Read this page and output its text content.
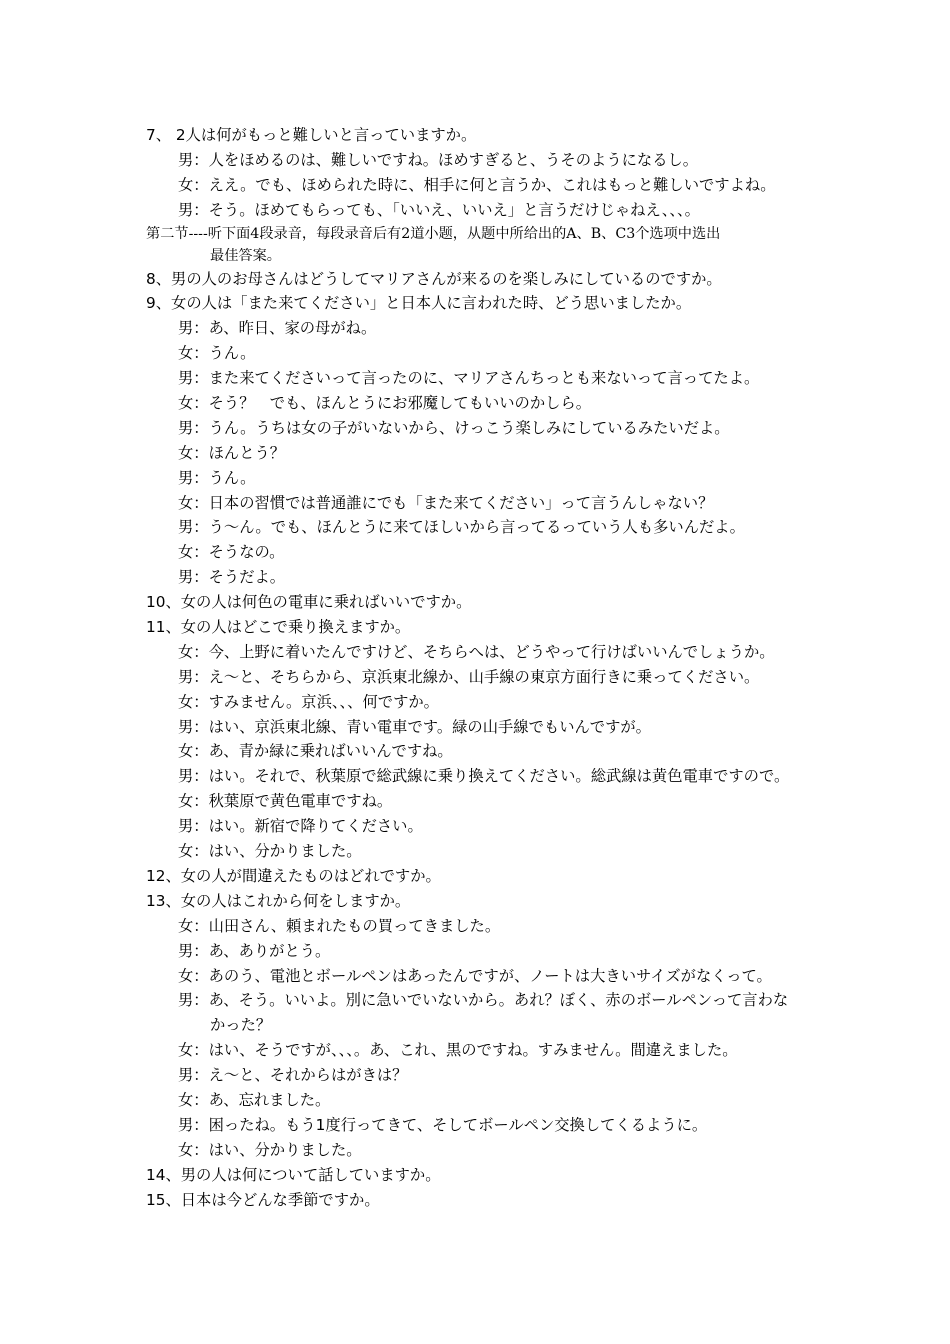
7、 2人は何がもっと難しいと言っていますか。
男：人をほめるのは、難しいですね。ほめすぎると、うそのようになるし。
女：ええ。でも、ほめられた時に、相手に何と言うか、これはもっと難しいですよね。
男：そう。ほめてもらっても、「いいえ、いいえ」と言うだけじゃねえ、、、。
第二节----听下面4段录音，每段录音后有2道小题，从题中所给出的A、B、C3个选项中选出
最佳答案。
8、男の人のお母さんはどうしてマリアさんが来るのを楽しみにしているのですか。
9、女の人は「また来てください」と日本人に言われた時、どう思いましたか。
男：あ、昨日、家の母がね。
女：うん。
男：また来てくださいって言ったのに、マリアさんちっとも来ないって言ってたよ。
女：そう？　でも、ほんとうにお邪魔してもいいのかしら。
男：うん。うちは女の子がいないから、けっこう楽しみにしているみたいだよ。
女：ほんとう？
男：うん。
女：日本の習慣では普通誰にでも「また来てください」って言うんしゃない？
男：う～ん。でも、ほんとうに来てほしいから言ってるっていう人も多いんだよ。
女：そうなの。
男：そうだよ。
10、女の人は何色の電車に乗ればいいですか。
11、女の人はどこで乗り換えますか。
女：今、上野に着いたんですけど、そちらへは、どうやって行けばいいんでしょうか。
男：え～と、そちらから、京浜東北線か、山手線の東京方面行きに乗ってください。
女：すみません。京浜、、、何ですか。
男：はい、京浜東北線、青い電車です。緑の山手線でもいんですが。
女：あ、青か緑に乗ればいいんですね。
男：はい。それで、秋葉原で総武線に乗り換えてください。総武線は黄色電車ですので。
女：秋葉原で黄色電車ですね。
男：はい。新宿で降りてください。
女：はい、分かりました。
12、女の人が間違えたものはどれですか。
13、女の人はこれから何をしますか。
女：山田さん、頼まれたもの買ってきました。
男：あ、ありがとう。
女：あのう、電池とボールペンはあったんですが、ノートは大きいサイズがなくって。
男：あ、そう。いいよ。別に急いでいないから。あれ？ぼく、赤のボールペンって言わな
かった？
女：はい、そうですが、、、。あ、これ、黒のですね。すみません。間違えました。
男：え～と、それからはがきは？
女：あ、忘れました。
男：困ったね。もう1度行ってきて、そしてボールペン交換してくるように。
女：はい、分かりました。
14、男の人は何について話していますか。
15、日本は今どんな季節ですか。
